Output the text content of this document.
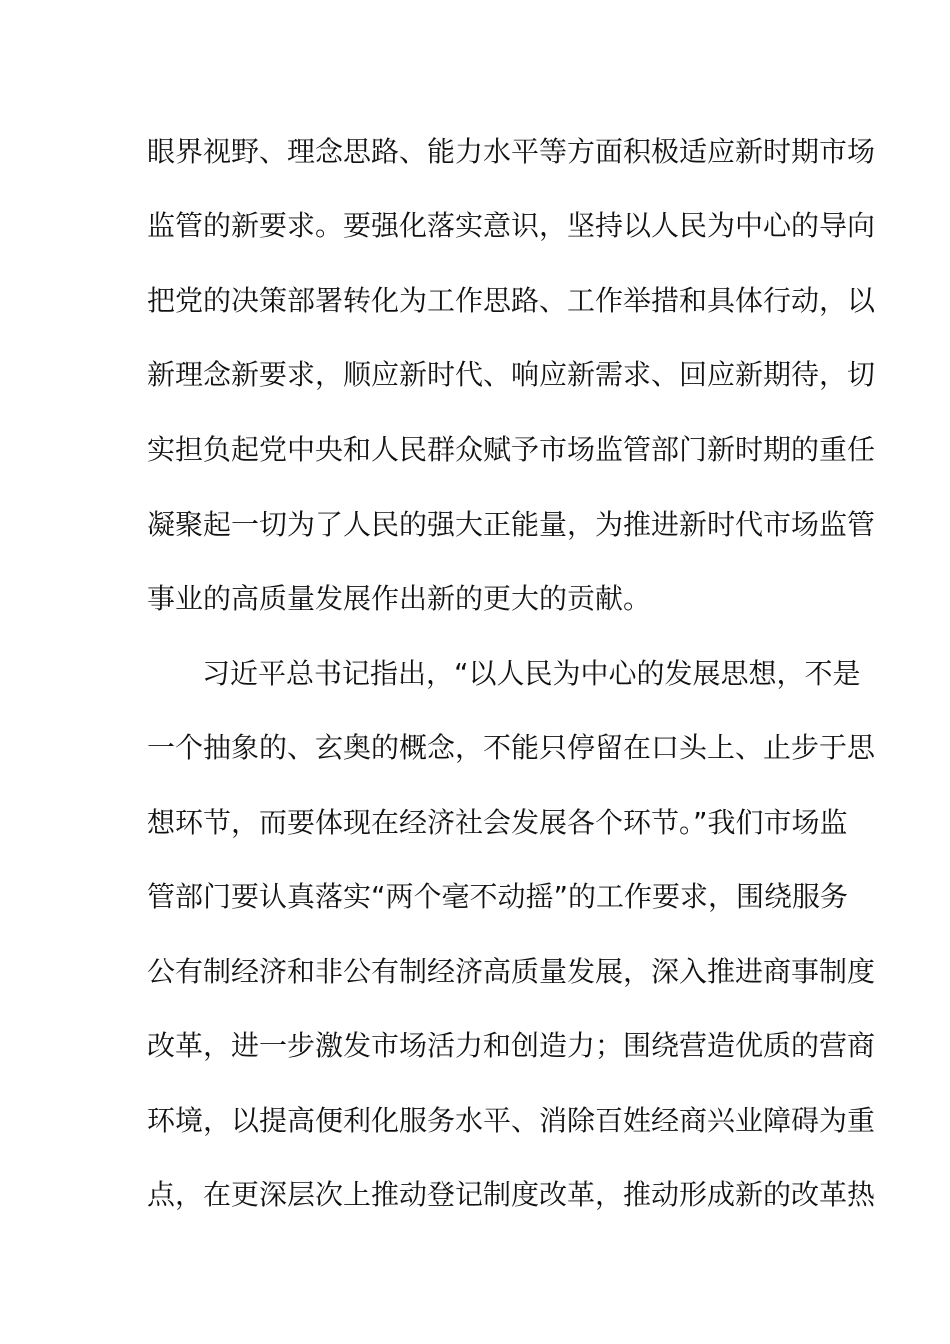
眼界视野、理念思路、能力水平等方面积极适应新时期市场
监管的新要求。要强化落实意识，坚持以人民为中心的导向
把党的决策部署转化为工作思路、工作举措和具体行动，以
新理念新要求，顺应新时代、响应新需求、回应新期待，切
实担负起党中央和人民群众赋予市场监管部门新时期的重任
凝聚起一切为了人民的强大正能量，为推进新时代市场监管
事业的高质量发展作出新的更大的贡献。
习近平总书记指出，“以人民为中心的发展思想，不是
一个抽象的、玄奥的概念，不能只停留在口头上、止步于思
想环节，而要体现在经济社会发展各个环节。”我们市场监
管部门要认真落实“两个毫不动摇”的工作要求，围绕服务
公有制经济和非公有制经济高质量发展，深入推进商事制度
改革，进一步激发市场活力和创造力；围绕营造优质的营商
环境，以提高便利化服务水平、消除百姓经商兴业障碍为重
点，在更深层次上推动登记制度改革，推动形成新的改革热
